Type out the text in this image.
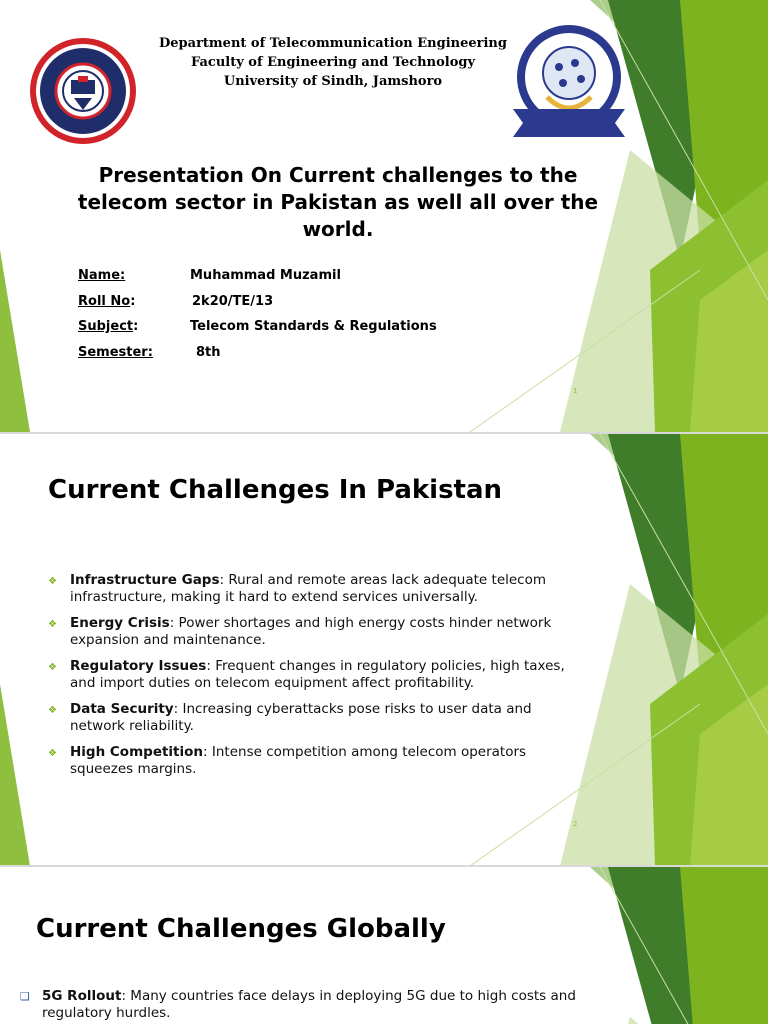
Department of Telecommunication Engineering
Faculty of Engineering and Technology
University of Sindh, Jamshoro
Presentation On Current challenges to the telecom sector in Pakistan as well all over the world.
Name:	Muhammad Muzamil
Roll No:	2k20/TE/13
Subject:	Telecom Standards & Regulations
Semester:	8th
1
2
Current Challenges In Pakistan
❖ Infrastructure Gaps: Rural and remote areas lack adequate telecom infrastructure, making it hard to extend services universally.
❖ Energy Crisis: Power shortages and high energy costs hinder network expansion and maintenance.
❖ Regulatory Issues: Frequent changes in regulatory policies, high taxes, and import duties on telecom equipment affect profitability.
❖ Data Security: Increasing cyberattacks pose risks to user data and network reliability.
❖ High Competition: Intense competition among telecom operators squeezes margins.
Current Challenges Globally
❑ 5G Rollout: Many countries face delays in deploying 5G due to high costs and regulatory hurdles.
